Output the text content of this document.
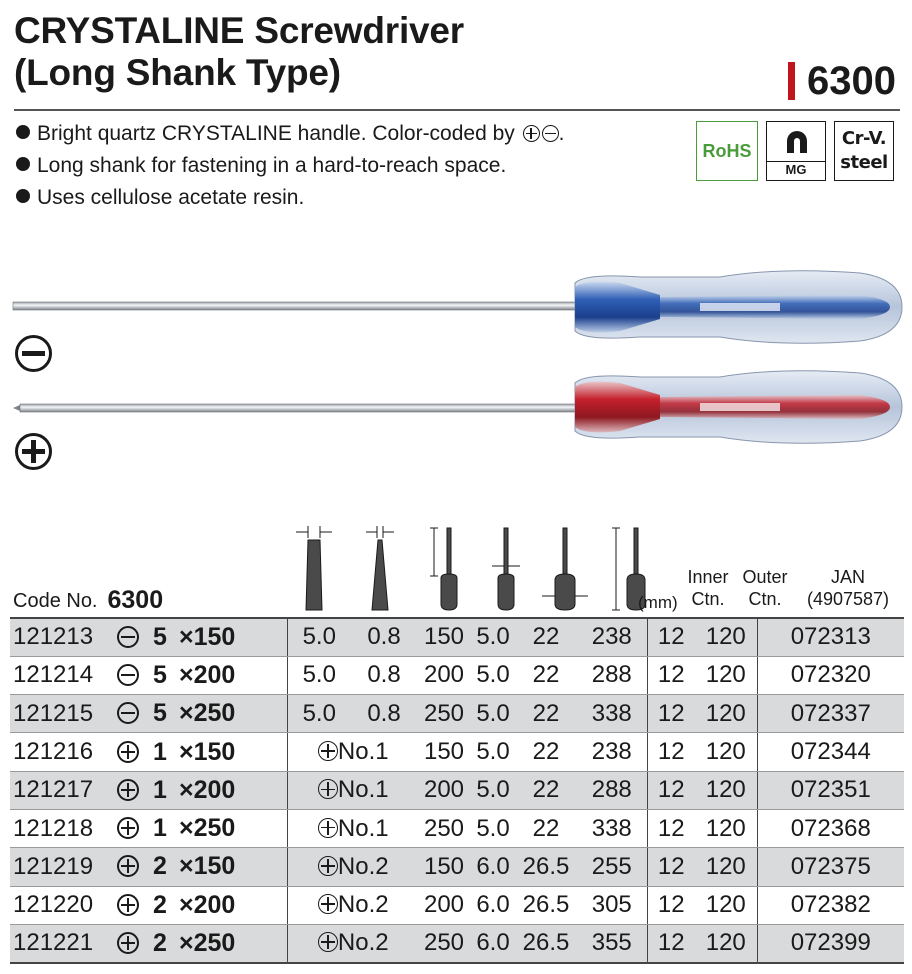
CRYSTALINE Screwdriver
(Long Shank Type)	6300
Bright quartz CRYSTALINE handle. Color-coded by .
Long shank for fastening in a hard-to-reach space.
Uses cellulose acetate resin.
RoHS
MG
Cr-V.
steel
(mm)
Inner
Ctn.
Outer
Ctn.
JAN
(4907587)
Code No. 6300
121213	5 ×150	5.0	0.8	150	5.0	22	238	12	120	072313
121214	5 ×200	5.0	0.8	200	5.0	22	288	12	120	072320
121215	5 ×250	5.0	0.8	250	5.0	22	338	12	120	072337
121216	1 ×150	No.1		150	5.0	22	238	12	120	072344
121217	1 ×200	No.1		200	5.0	22	288	12	120	072351
121218	1 ×250	No.1		250	5.0	22	338	12	120	072368
121219	2 ×150	No.2		150	6.0	26.5	255	12	120	072375
121220	2 ×200	No.2		200	6.0	26.5	305	12	120	072382
121221	2 ×250	No.2		250	6.0	26.5	355	12	120	072399
